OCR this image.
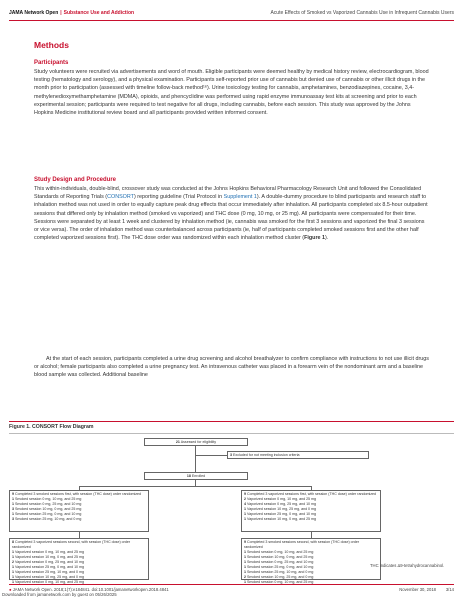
JAMA Network Open | Substance Use and Addiction	Acute Effects of Smoked vs Vaporized Cannabis Use in Infrequent Cannabis Users
Methods
Participants

Study volunteers were recruited via advertisements and word of mouth. Eligible participants were deemed healthy by medical history review, electrocardiogram, blood testing (hematology and serology), and a physical examination. Participants self-reported prior use of cannabis but denied use of cannabis or other illicit drugs in the month prior to participation (assessed with timeline follow-back method¹⁶). Urine toxicology testing for cannabis, amphetamines, benzodiazepines, cocaine, 3,4-methylenedioxymethamphetamine (MDMA), opioids, and phencyclidine was performed using rapid enzyme immunoassay test kits at screening and prior to each experimental session; participants were required to test negative for all drugs, including cannabis, before each session. This study was approved by the Johns Hopkins Medicine institutional review board and all participants provided written informed consent.

Study Design and Procedure

This within-individuals, double-blind, crossover study was conducted at the Johns Hopkins Behavioral Pharmacology Research Unit and followed the Consolidated Standards of Reporting Trials (CONSORT) reporting guideline (Trial Protocol in Supplement 1). A double-dummy procedure to blind participants and research staff to inhalation method was not used in order to equally capture peak drug effects that occur immediately after inhalation. All participants completed six 8.5-hour outpatient sessions that differed only by inhalation method (smoked vs vaporized) and THC dose (0 mg, 10 mg, or 25 mg). All participants were compensated for their time. Sessions were separated by at least 1 week and clustered by inhalation method (ie, cannabis was smoked for the first 3 sessions and vaporized the final 3 sessions or vice versa). The order of inhalation method was counterbalanced across participants (ie, half of participants completed smoked sessions first and the other half completed vaporized sessions first). The THC dose order was randomized within each inhalation method cluster (Figure 1).

At the start of each session, participants completed a urine drug screening and alcohol breathalyzer to confirm compliance with instructions to not use illicit drugs or alcohol; female participants also completed a urine pregnancy test. An intravenous catheter was placed in a forearm vein of the nondominant arm and a baseline blood sample was collected. Additional baseline

Figure 1. CONSORT Flow Diagram
21 Assessed for eligibility
3 Excluded for not meeting inclusion criteria
18 Enrolled
9 Completed 3 smoked sessions first, with session (THC dose) order randomized
1 Smoked session 0 mg, 10 mg, and 25 mg
1 Smoked session 0 mg, 25 mg, and 10 mg
3 Smoked session 10 mg, 0 mg, and 25 mg
1 Smoked session 25 mg, 0 mg, and 10 mg
3 Smoked session 25 mg, 10 mg, and 0 mg
9 Completed 3 vaporized sessions first, with session (THC dose) order randomized
2 Vaporized session 0 mg, 10 mg, and 25 mg
4 Vaporized session 0 mg, 25 mg, and 10 mg
1 Vaporized session 10 mg, 25 mg, and 0 mg
1 Vaporized session 25 mg, 0 mg, and 10 mg
1 Vaporized session 10 mg, 0 mg, and 25 mg
8 Completed 3 vaporized sessions second, with session (THC dose) order randomized
1 Vaporized session 0 mg, 10 mg, and 25 mg
1 Vaporized session 10 mg, 0 mg, and 25 mg
2 Vaporized session 0 mg, 25 mg, and 10 mg
1 Vaporized session 25 mg, 0 mg, and 10 mg
1 Vaporized session 25 mg, 10 mg, and 0 mg
1 Vaporized session 10 mg, 25 mg, and 0 mg
1 Vaporized session 0 mg, 10 mg, and 25 mg
9 Completed 3 smoked sessions second, with session (THC dose) order randomized
1 Smoked session 0 mg, 10 mg, and 25 mg
1 Smoked session 10 mg, 0 mg, and 25 mg
1 Smoked session 0 mg, 25 mg, and 10 mg
1 Smoked session 25 mg, 0 mg, and 10 mg
1 Smoked session 25 mg, 10 mg, and 0 mg
2 Smoked session 10 mg, 25 mg, and 0 mg
1 Smoked session 0 mg, 10 mg, and 25 mg
THC indicates Δ9-tetrahydrocannabinol.
● JAMA Network Open. 2018;1(7):e184841. doi:10.1001/jamanetworkopen.2018.4841	November 30, 2018 3/14
Downloaded from jamanetwork.com by guest on 05/26/2025
